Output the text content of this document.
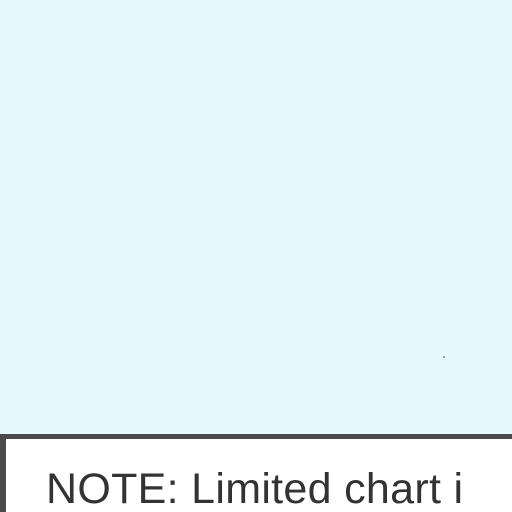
NOTE: Limited chart i
